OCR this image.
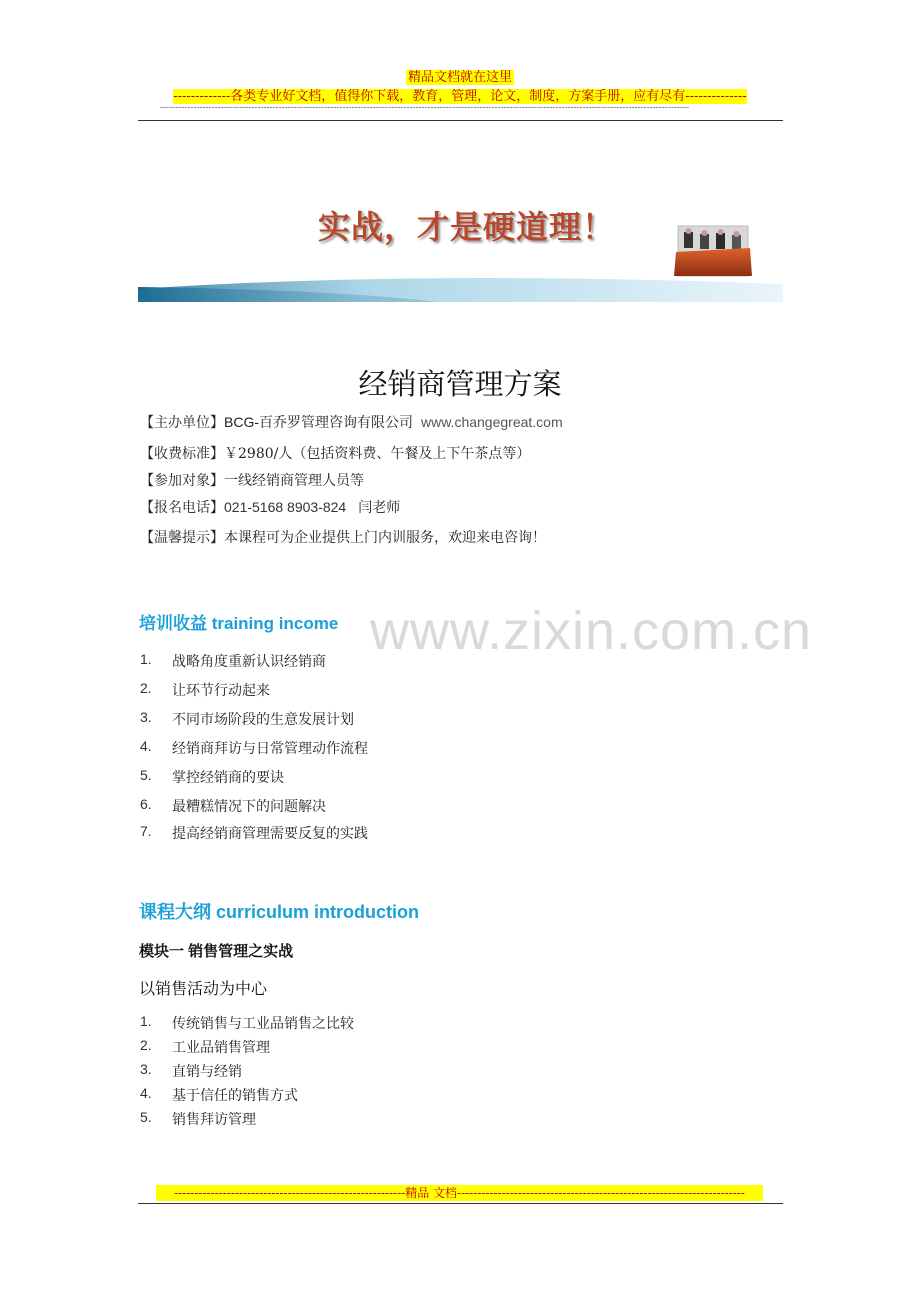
精品文档就在这里
-------------各类专业好文档，值得你下载，教育，管理，论文，制度，方案手册，应有尽有--------------
------------------------------------------------------------------------------------------------------------------------------------------------------------------------------
实战，才是硬道理！
经销商管理方案
【主办单位】BCG-百乔罗管理咨询有限公司 www.changegreat.com
【收费标准】￥2980/人（包括资料费、午餐及上下午茶点等）
【参加对象】一线经销商管理人员等
【报名电话】021-5168 8903-824 闫老师
【温馨提示】本课程可为企业提供上门内训服务，欢迎来电咨询！
www.zixin.com.cn
培训收益 training income
1. 战略角度重新认识经销商
2. 让环节行动起来
3. 不同市场阶段的生意发展计划
4. 经销商拜访与日常管理动作流程
5. 掌控经销商的要诀
6. 最糟糕情况下的问题解决
7. 提高经销商管理需要反复的实践
课程大纲 curriculum introduction
模块一 销售管理之实战
以销售活动为中心
1. 传统销售与工业品销售之比较
2. 工业品销售管理
3. 直销与经销
4. 基于信任的销售方式
5. 销售拜访管理
---------------------------------------------------------精品 文档-----------------------------------------------------------------------
